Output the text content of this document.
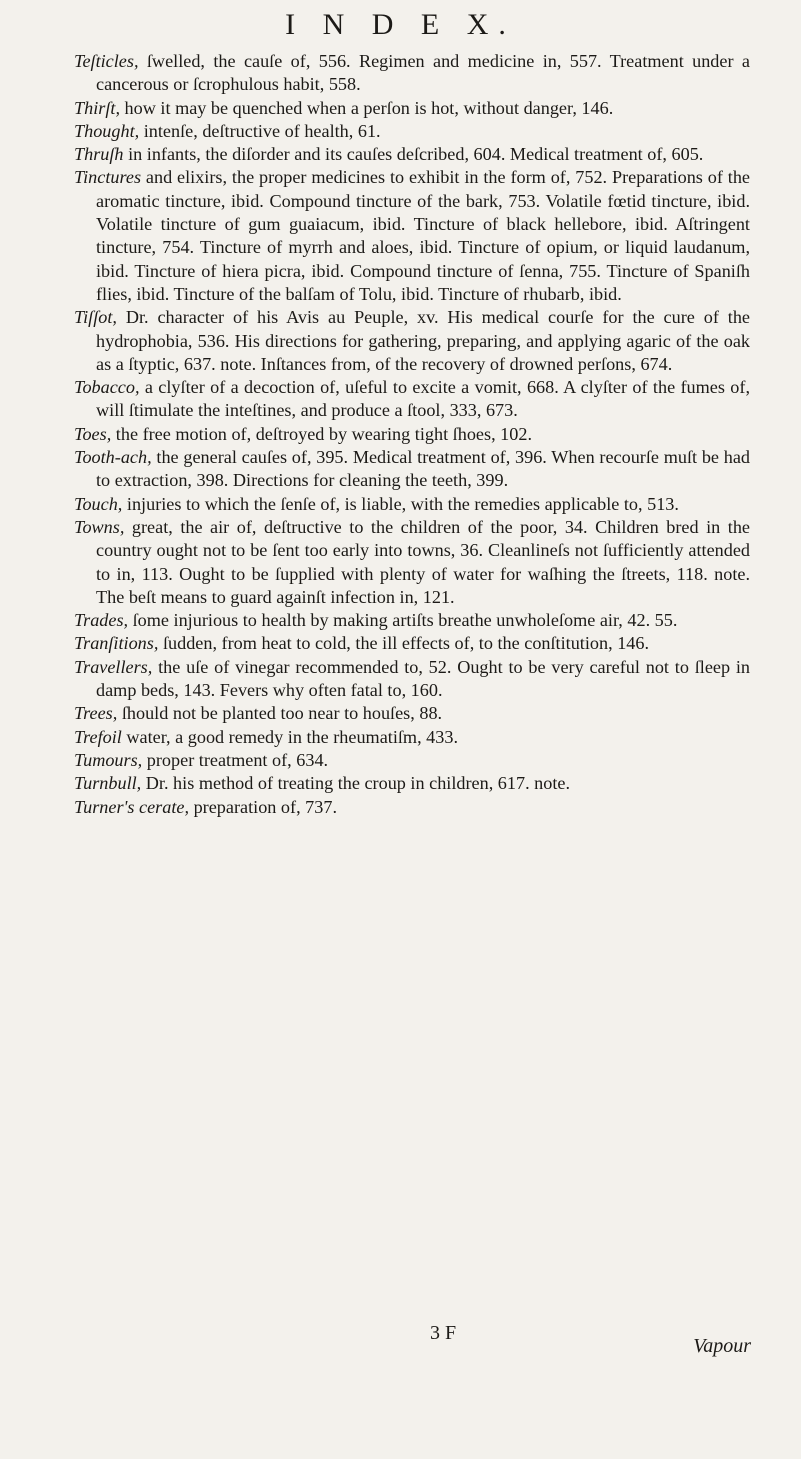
I N D E X.

Teſticles, ſwelled, the cauſe of, 556. Regimen and medicine in, 557. Treatment under a cancerous or ſcrophulous habit, 558.

Thirſt, how it may be quenched when a perſon is hot, without danger, 146.

Thought, intenſe, deſtructive of health, 61.

Thruſh in infants, the diſorder and its cauſes deſcribed, 604. Medical treatment of, 605.

Tinctures and elixirs, the proper medicines to exhibit in the form of, 752. Preparations of the aromatic tincture, ibid. Compound tincture of the bark, 753. Volatile fœtid tincture, ibid. Volatile tincture of gum guaiacum, ibid. Tincture of black hellebore, ibid. Aſtringent tincture, 754. Tincture of myrrh and aloes, ibid. Tincture of opium, or liquid laudanum, ibid. Tincture of hiera picra, ibid. Compound tincture of ſenna, 755. Tincture of Spaniſh flies, ibid. Tincture of the balſam of Tolu, ibid. Tincture of rhubarb, ibid.

Tiſſot, Dr. character of his Avis au Peuple, xv. His medical courſe for the cure of the hydrophobia, 536. His directions for gathering, preparing, and applying agaric of the oak as a ſtyptic, 637. note. Inſtances from, of the recovery of drowned perſons, 674.

Tobacco, a clyſter of a decoction of, uſeful to excite a vomit, 668. A clyſter of the fumes of, will ſtimulate the inteſtines, and produce a ſtool, 333, 673.

Toes, the free motion of, deſtroyed by wearing tight ſhoes, 102.

Tooth-ach, the general cauſes of, 395. Medical treatment of, 396. When recourſe muſt be had to extraction, 398. Directions for cleaning the teeth, 399.

Touch, injuries to which the ſenſe of, is liable, with the remedies applicable to, 513.

Towns, great, the air of, deſtructive to the children of the poor, 34. Children bred in the country ought not to be ſent too early into towns, 36. Cleanlineſs not ſufficiently attended to in, 113. Ought to be ſupplied with plenty of water for waſhing the ſtreets, 118. note. The beſt means to guard againſt infection in, 121.

Trades, ſome injurious to health by making artiſts breathe unwholeſome air, 42. 55.

Tranſitions, ſudden, from heat to cold, the ill effects of, to the conſtitution, 146.

Travellers, the uſe of vinegar recommended to, 52. Ought to be very careful not to ſleep in damp beds, 143. Fevers why often fatal to, 160.

Trees, ſhould not be planted too near to houſes, 88.

Trefoil water, a good remedy in the rheumatiſm, 433.

Tumours, proper treatment of, 634.

Turnbull, Dr. his method of treating the croup in children, 617. note.

Turner's cerate, preparation of, 737.

3 F
Vapour
